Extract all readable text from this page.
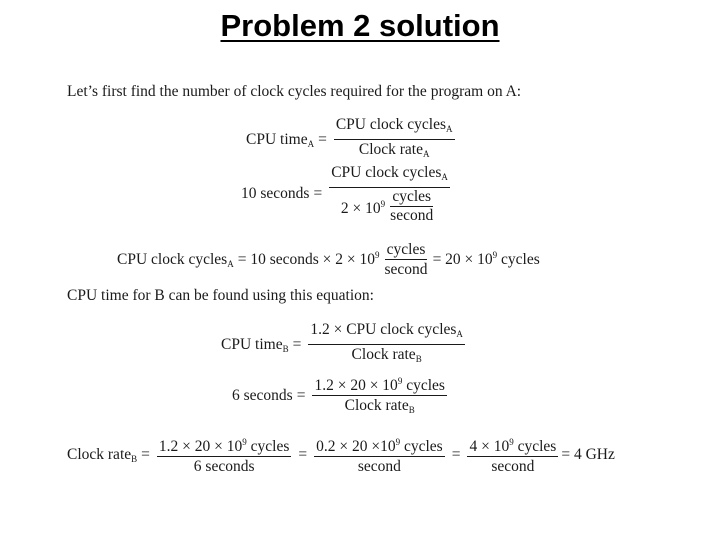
Problem 2 solution
Let’s first find the number of clock cycles required for the program on A:
CPU time$_A$ = $\frac{CPU clock cycles_A}{Clock rate_A}$
10 seconds = $\frac{CPU clock cycles_A}{2 \times 10^9 \frac{\text{cycles}}{\text{second}}}$
CPU clock cycles$_A$ = 10 seconds × $2 \times 10^9 \frac{\text{cycles}}{\text{second}} = 20 \times 10^9$ cycles
CPU time for B can be found using this equation:
CPU time$_B$ = $\frac{1.2 \times CPU clock cycles_A}{Clock rate_B}$
6 seconds = $\frac{1.2 \times 20 \times 10^9 cycles}{Clock rate_B}$
Clock rate$_B$ = $\frac{1.2 \times 20 \times 10^9 cycles}{\text{6 seconds}} = \frac{0.2 \times 20 \times 10^9 cycles}{\text{second}} = \frac{4 \times 10^9 cycles}{\text{second}} = 4$ GHz
